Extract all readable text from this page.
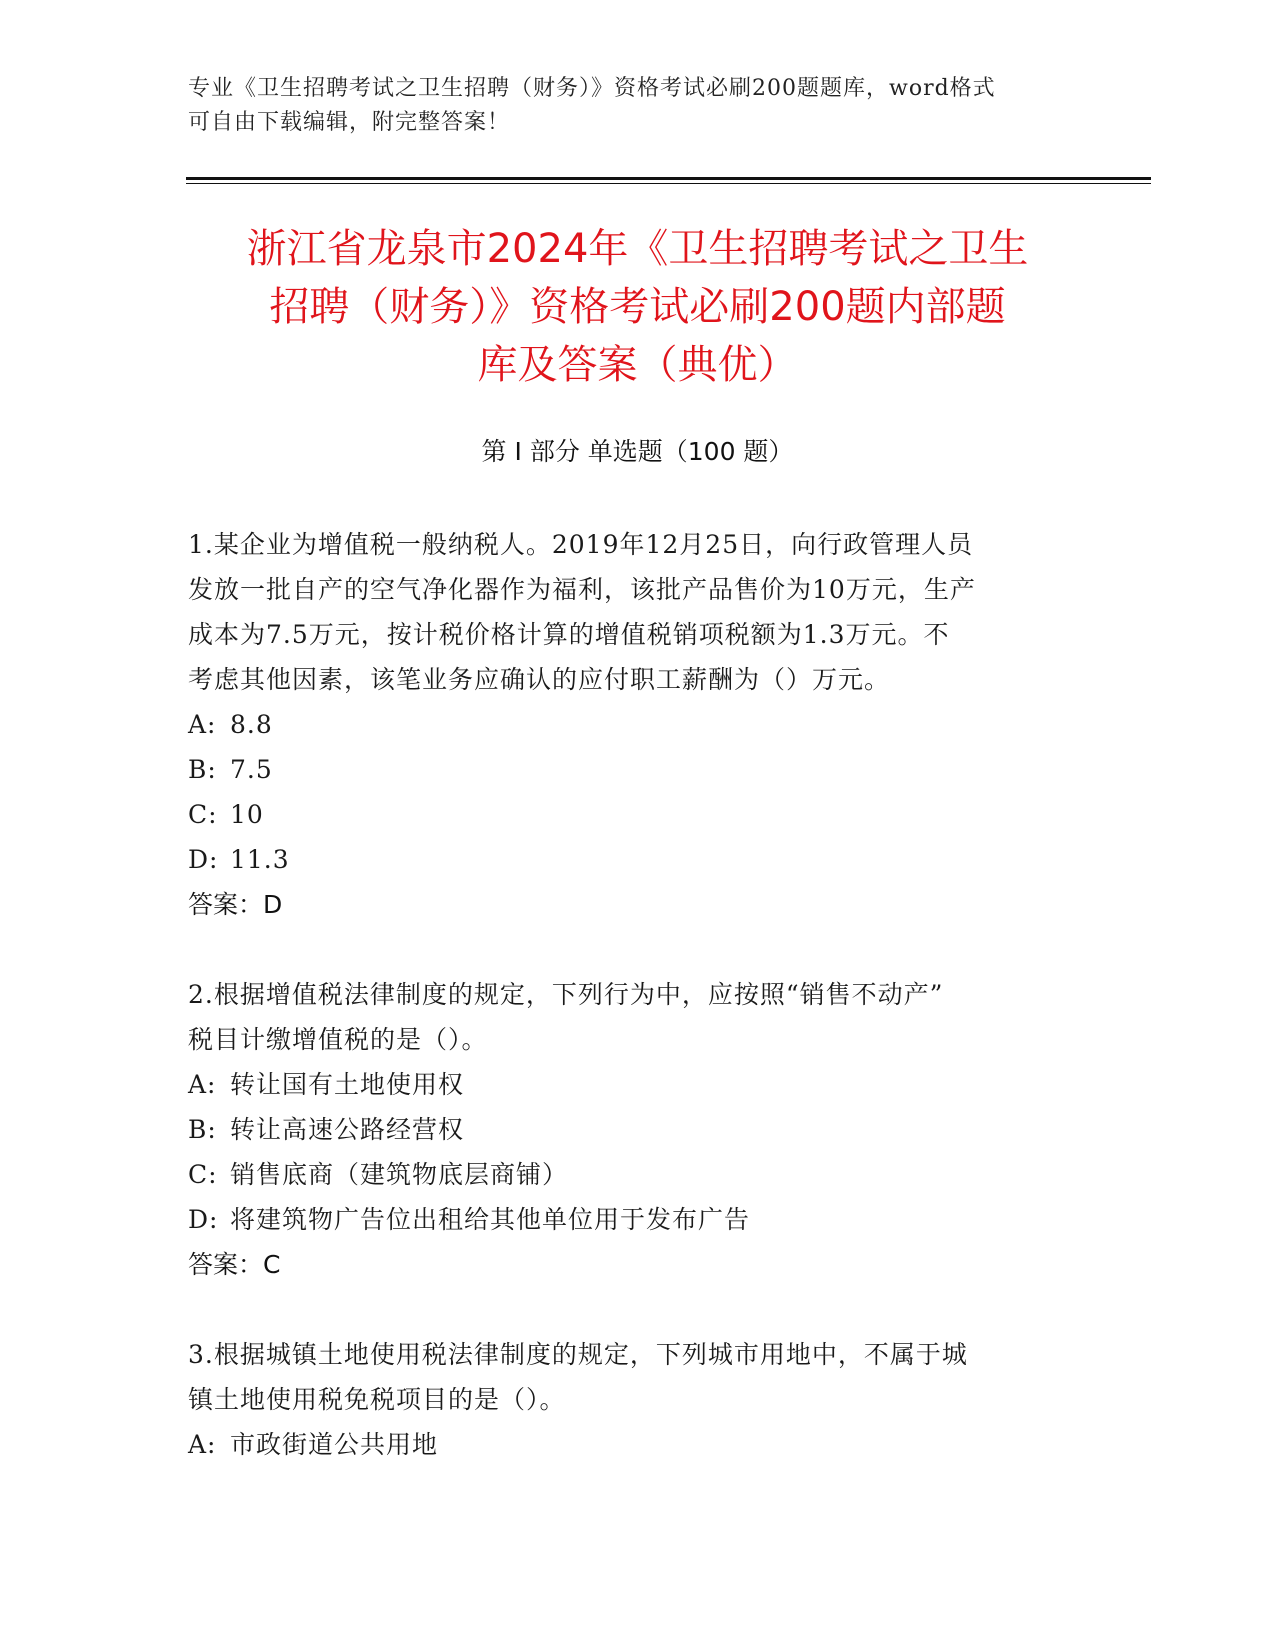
专业《卫生招聘考试之卫生招聘（财务）》资格考试必刷200题题库，word格式
可自由下载编辑，附完整答案！
浙江省龙泉市2024年《卫生招聘考试之卫生
招聘（财务）》资格考试必刷200题内部题
库及答案（典优）
第 I 部分 单选题（100 题）
1.某企业为增值税一般纳税人。2019年12月25日，向行政管理人员
发放一批自产的空气净化器作为福利，该批产品售价为10万元，生产
成本为7.5万元，按计税价格计算的增值税销项税额为1.3万元。不
考虑其他因素，该笔业务应确认的应付职工薪酬为（）万元。
A: 8.8
B: 7.5
C: 10
D: 11.3
答案：D
2.根据增值税法律制度的规定，下列行为中，应按照“销售不动产”
税目计缴增值税的是（）。
A: 转让国有土地使用权
B: 转让高速公路经营权
C: 销售底商（建筑物底层商铺）
D: 将建筑物广告位出租给其他单位用于发布广告
答案：C
3.根据城镇土地使用税法律制度的规定，下列城市用地中，不属于城
镇土地使用税免税项目的是（）。
A: 市政街道公共用地
